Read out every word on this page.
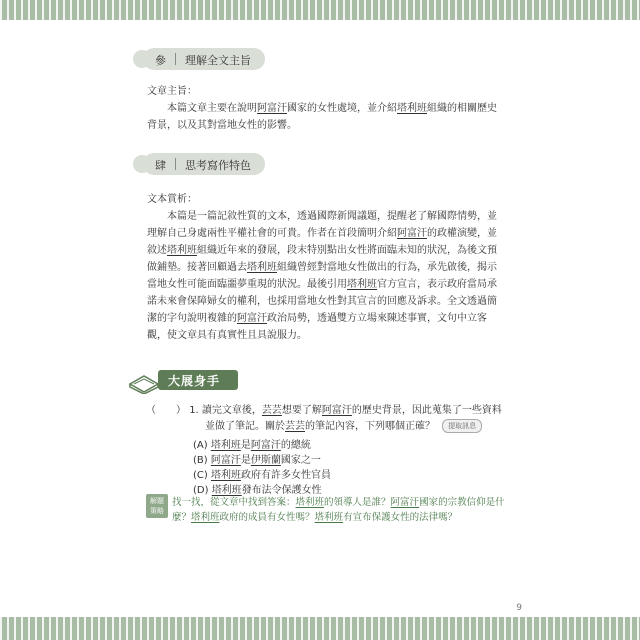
參 理解全文主旨
文章主旨：
本篇文章主要在說明阿富汗國家的女性處境，並介紹塔利班組織的相關歷史
背景，以及其對當地女性的影響。
肆 思考寫作特色
文本賞析：
本篇是一篇記敘性質的文本，透過國際新聞議題，提醒老了解國際情勢，並
理解自己身處兩性平權社會的可貴。作者在首段簡明介紹阿富汗的政權演變，並
敘述塔利班組織近年來的發展，段末特別點出女性將面臨未知的狀況，為後文預
做鋪墊。接著回顧過去塔利班組織曾經對當地女性做出的行為，承先啟後，揭示
當地女性可能面臨噩夢重現的狀況。最後引用塔利班官方宣言，表示政府當局承
諾未來會保障婦女的權利，也採用當地女性對其宣言的回應及訴求。全文透過簡
潔的字句說明複雜的阿富汗政治局勢，透過雙方立場來陳述事實，文句中立客
觀，使文章具有真實性且具說服力。
大展身手
（　　） 1. 讀完文章後，芸芸想要了解阿富汗的歷史背景，因此蒐集了一些資料
並做了筆記。關於芸芸的筆記內容，下列哪個正確？ 提取訊息
(A) 塔利班是阿富汗的總統
(B) 阿富汗是伊斯蘭國家之一
(C) 塔利班政府有許多女性官員
(D) 塔利班發布法令保護女性
解題
策略
找一找，從文章中找到答案：塔利班的領導人是誰？阿富汗國家的宗教信仰是什
麼？塔利班政府的成員有女性嗎？塔利班有宣布保護女性的法律嗎？
9
